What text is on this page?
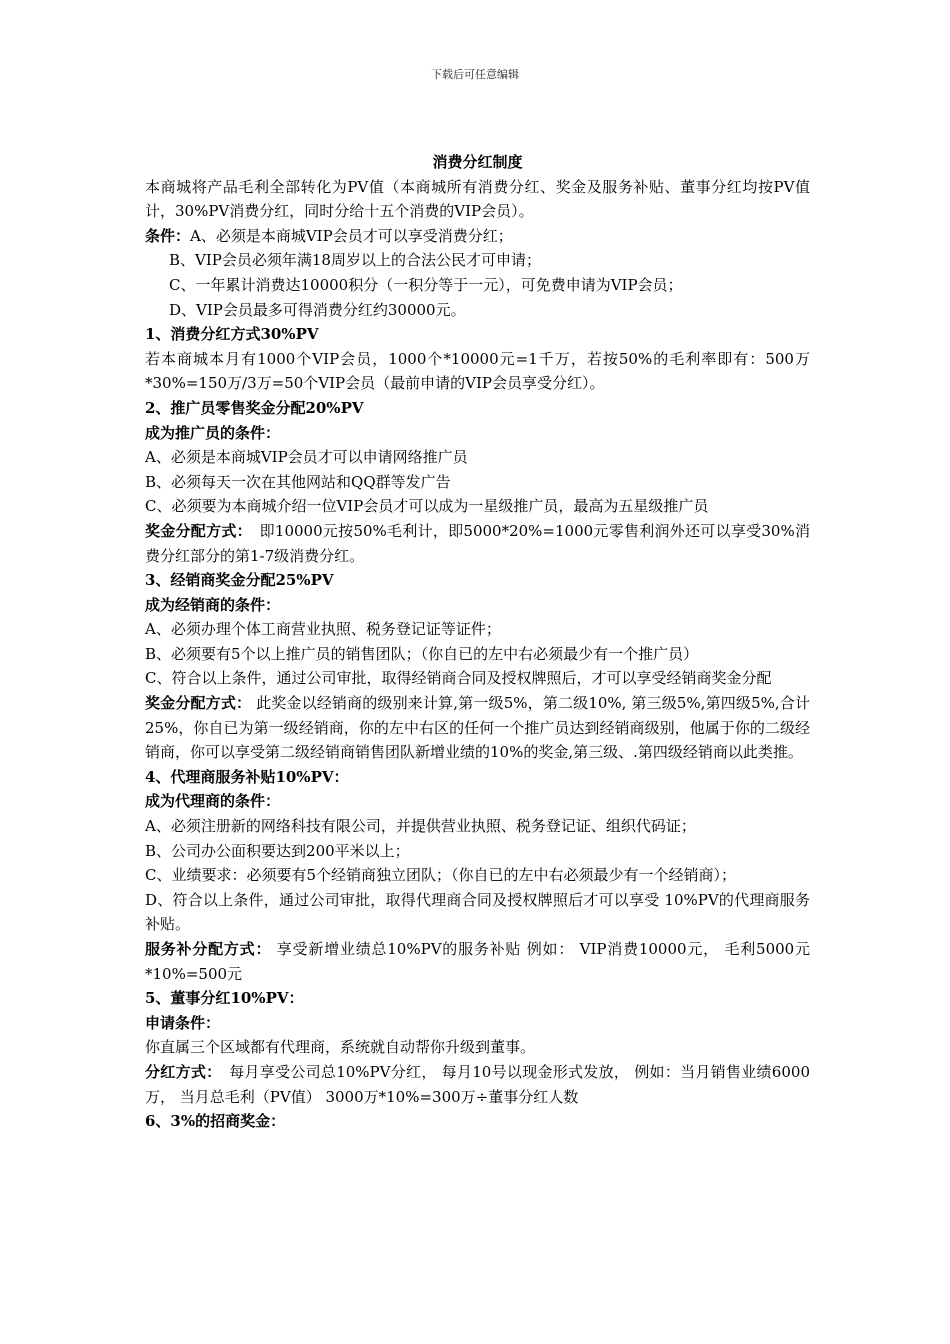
下载后可任意编辑

消费分红制度

本商城将产品毛利全部转化为PV值（本商城所有消费分红、奖金及服务补贴、董事分红均按PV值计，30%PV消费分红，同时分给十五个消费的VIP会员）。

条件：A、必须是本商城VIP会员才可以享受消费分红；

B、VIP会员必须年满18周岁以上的合法公民才可申请；

C、一年累计消费达10000积分（一积分等于一元），可免费申请为VIP会员；

D、VIP会员最多可得消费分红约30000元。

1、消费分红方式30%PV

若本商城本月有1000个VIP会员，1000个*10000元=1千万，若按50%的毛利率即有：500万*30%=150万/3万=50个VIP会员（最前申请的VIP会员享受分红）。

2、推广员零售奖金分配20%PV

成为推广员的条件：

A、必须是本商城VIP会员才可以申请网络推广员

B、必须每天一次在其他网站和QQ群等发广告

C、必须要为本商城介绍一位VIP会员才可以成为一星级推广员，最高为五星级推广员

奖金分配方式：　即10000元按50%毛利计，即5000*20%=1000元零售利润外还可以享受30%消费分红部分的第1-7级消费分红。

3、经销商奖金分配25%PV

成为经销商的条件：

A、必须办理个体工商营业执照、税务登记证等证件；

B、必须要有5个以上推广员的销售团队；（你自已的左中右必须最少有一个推广员）

C、符合以上条件，通过公司审批，取得经销商合同及授权牌照后，才可以享受经销商奖金分配

奖金分配方式： 此奖金以经销商的级别来计算,第一级5%，第二级10%, 第三级5%,第四级5%,合计25%，你自已为第一级经销商，你的左中右区的任何一个推广员达到经销商级别，他属于你的二级经销商，你可以享受第二级经销商销售团队新增业绩的10%的奖金,第三级、.第四级经销商以此类推。

4、代理商服务补贴10%PV：

成为代理商的条件：

A、必须注册新的网络科技有限公司，并提供营业执照、税务登记证、组织代码证；

B、公司办公面积要达到200平米以上；

C、业绩要求：必须要有5个经销商独立团队；（你自已的左中右必须最少有一个经销商）；

D、符合以上条件，通过公司审批，取得代理商合同及授权牌照后才可以享受 10%PV的代理商服务补贴。

服务补分配方式： 享受新增业绩总10%PV的服务补贴 例如： VIP消费10000元， 毛利5000元*10%=500元

5、董事分红10%PV：

申请条件：

你直属三个区域都有代理商，系统就自动帮你升级到董事。

分红方式：　每月享受公司总10%PV分红， 每月10号以现金形式发放， 例如：当月销售业绩6000万， 当月总毛利（PV值） 3000万*10%=300万÷董事分红人数

6、3%的招商奖金：
